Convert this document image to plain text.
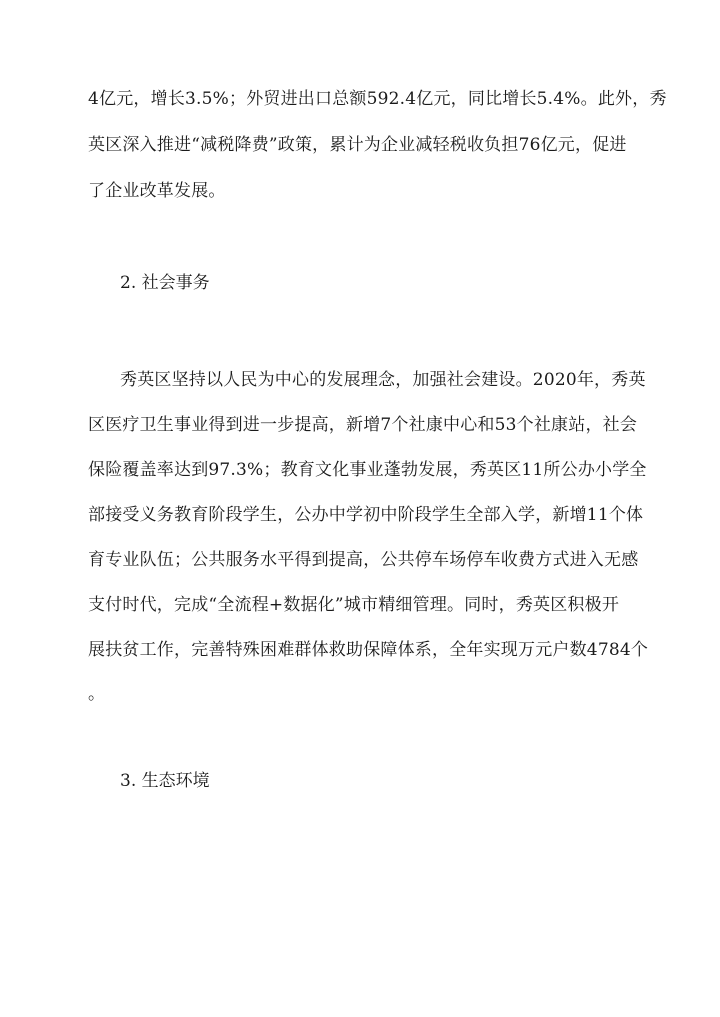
4亿元，增长3.5%；外贸进出口总额592.4亿元，同比增长5.4%。此外，秀
英区深入推进“减税降费”政策，累计为企业减轻税收负担76亿元，促进
了企业改革发展。
2. 社会事务
秀英区坚持以人民为中心的发展理念，加强社会建设。2020年，秀英
区医疗卫生事业得到进一步提高，新增7个社康中心和53个社康站，社会
保险覆盖率达到97.3%；教育文化事业蓬勃发展，秀英区11所公办小学全
部接受义务教育阶段学生，公办中学初中阶段学生全部入学，新增11个体
育专业队伍；公共服务水平得到提高，公共停车场停车收费方式进入无感
支付时代，完成“全流程+数据化”城市精细管理。同时，秀英区积极开
展扶贫工作，完善特殊困难群体救助保障体系，全年实现万元户数4784个
。
3. 生态环境
